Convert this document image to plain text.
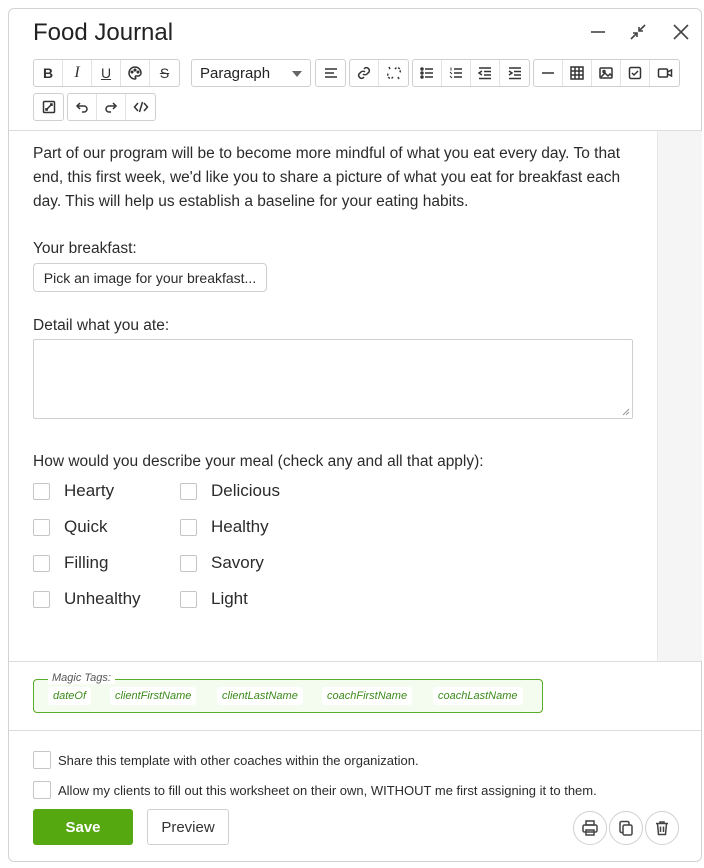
Food Journal
B I U	S Paragraph
Part of our program will be to become more mindful of what you eat every day. To that end, this first week, we'd like you to share a picture of what you eat for breakfast each day. This will help us establish a baseline for your eating habits.
Your breakfast:
Pick an image for your breakfast...
Detail what you ate:
How would you describe your meal (check any and all that apply):
Hearty	Delicious
Quick	Healthy
Filling	Savory
Unhealthy	Light
Magic Tags:
dateOf	clientFirstName	clientLastName	coachFirstName	coachLastName
Share this template with other coaches within the organization.
Allow my clients to fill out this worksheet on their own, WITHOUT me first assigning it to them.
Save	Preview
